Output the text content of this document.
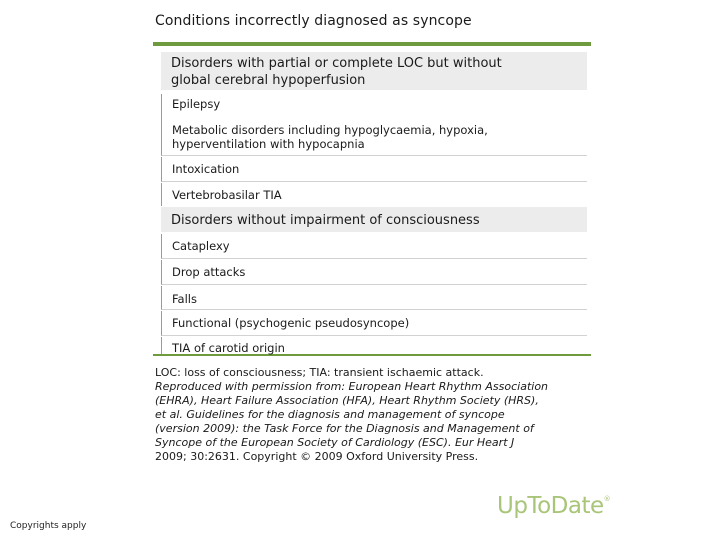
Conditions incorrectly diagnosed as syncope
Disorders with partial or complete LOC but without
global cerebral hypoperfusion
Epilepsy
Metabolic disorders including hypoglycaemia, hypoxia,
hyperventilation with hypocapnia
Intoxication
Vertebrobasilar TIA
Disorders without impairment of consciousness
Cataplexy
Drop attacks
Falls
Functional (psychogenic pseudosyncope)
TIA of carotid origin
LOC: loss of consciousness; TIA: transient ischaemic attack.
Reproduced with permission from: European Heart Rhythm Association
(EHRA), Heart Failure Association (HFA), Heart Rhythm Society (HRS),
et al. Guidelines for the diagnosis and management of syncope
(version 2009): the Task Force for the Diagnosis and Management of
Syncope of the European Society of Cardiology (ESC). Eur Heart J
2009; 30:2631. Copyright © 2009 Oxford University Press.
UpToDate®
Copyrights apply
